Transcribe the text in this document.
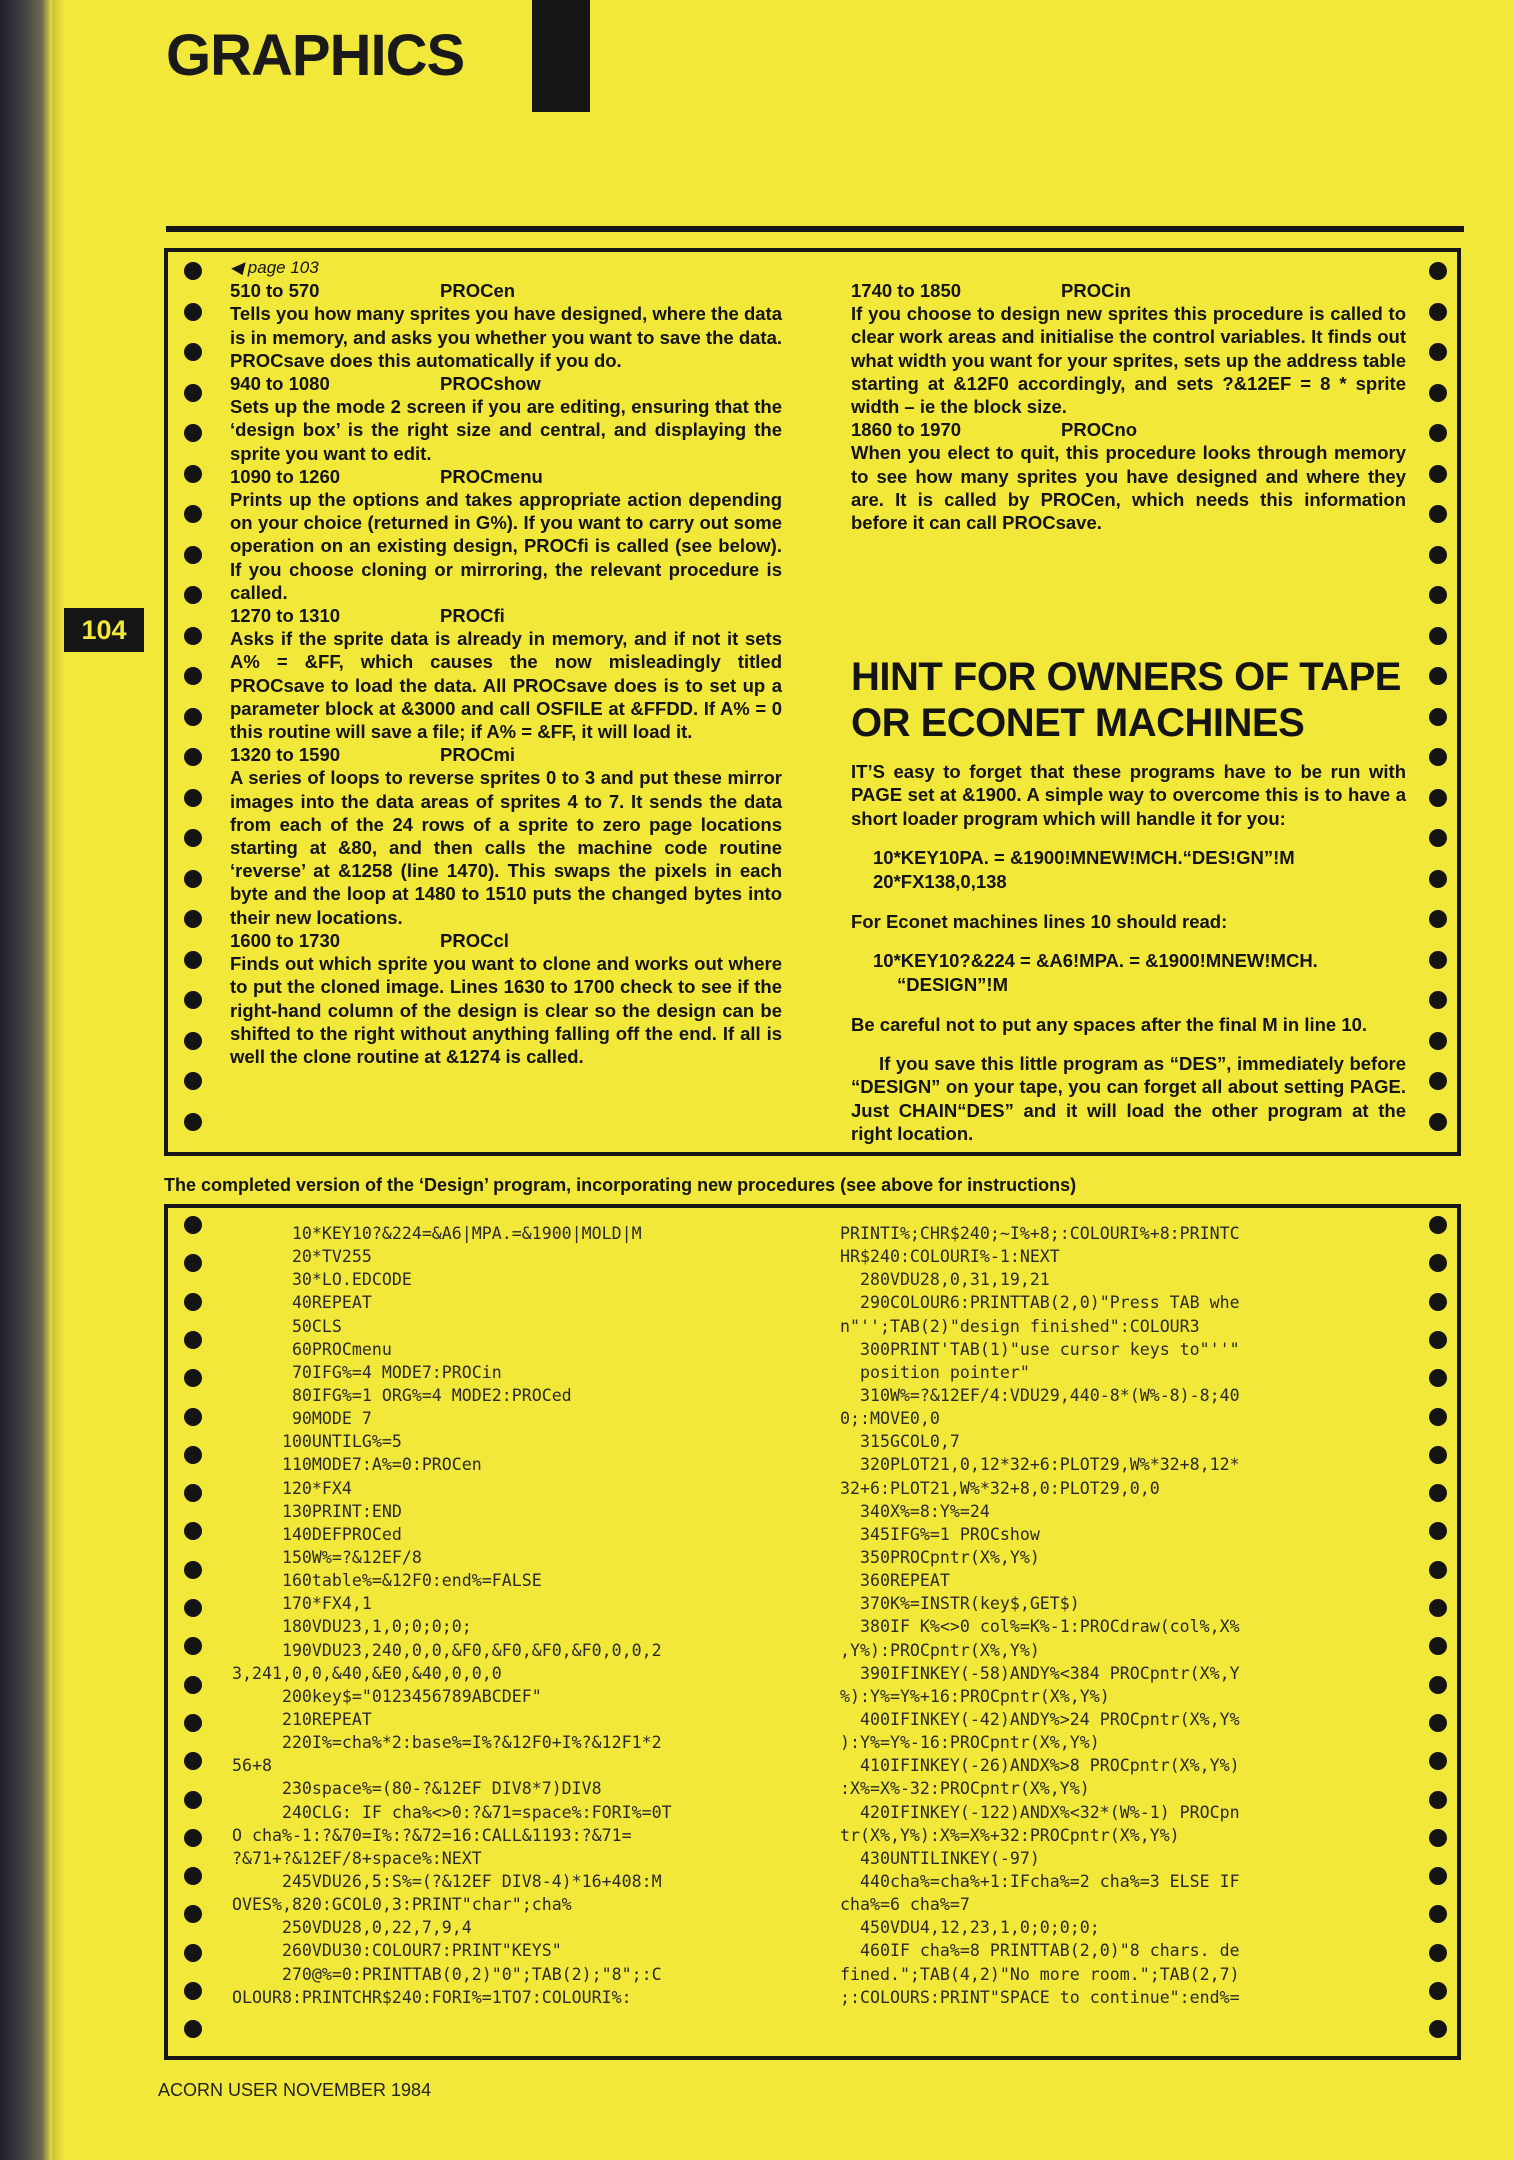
GRAPHICS
104
◀ page 103
510 to 570	PROCen

Tells you how many sprites you have designed, where the data is in memory, and asks you whether you want to save the data. PROCsave does this automatically if you do.

940 to 1080	PROCshow

Sets up the mode 2 screen if you are editing, ensuring that the ‘design box’ is the right size and central, and displaying the sprite you want to edit.

1090 to 1260	PROCmenu

Prints up the options and takes appropriate action depending on your choice (returned in G%). If you want to carry out some operation on an existing design, PROCfi is called (see below). If you choose cloning or mirroring, the relevant procedure is called.

1270 to 1310	PROCfi

Asks if the sprite data is already in memory, and if not it sets A% = &FF, which causes the now misleadingly titled PROCsave to load the data. All PROCsave does is to set up a parameter block at &3000 and call OSFILE at &FFDD. If A% = 0 this routine will save a file; if A% = &FF, it will load it.

1320 to 1590	PROCmi

A series of loops to reverse sprites 0 to 3 and put these mirror images into the data areas of sprites 4 to 7. It sends the data from each of the 24 rows of a sprite to zero page locations starting at &80, and then calls the machine code routine ‘reverse’ at &1258 (line 1470). This swaps the pixels in each byte and the loop at 1480 to 1510 puts the changed bytes into their new locations.

1600 to 1730	PROCcl

Finds out which sprite you want to clone and works out where to put the cloned image. Lines 1630 to 1700 check to see if the right-hand column of the design is clear so the design can be shifted to the right without anything falling off the end. If all is well the clone routine at &1274 is called.

1740 to 1850	PROCin

If you choose to design new sprites this procedure is called to clear work areas and initialise the control variables. It finds out what width you want for your sprites, sets up the address table starting at &12F0 accordingly, and sets ?&12EF = 8 * sprite width – ie the block size.

1860 to 1970	PROCno

When you elect to quit, this procedure looks through memory to see how many sprites you have designed and where they are. It is called by PROCen, which needs this information before it can call PROCsave.

HINT FOR OWNERS OF TAPE OR ECONET MACHINES

IT’S easy to forget that these programs have to be run with PAGE set at &1900. A simple way to overcome this is to have a short loader program which will handle it for you:

10*KEY10PA. = &1900!MNEW!MCH.“DES!GN”!M
20*FX138,0,138

For Econet machines lines 10 should read:

10*KEY10?&224 = &A6!MPA. = &1900!MNEW!MCH.
“DESIGN”!M

Be careful not to put any spaces after the final M in line 10.

If you save this little program as “DES”, immediately before “DESIGN” on your tape, you can forget all about setting PAGE. Just CHAIN“DES” and it will load the other program at the right location.

The completed version of the ‘Design’ program, incorporating new procedures (see above for instructions)
10*KEY10?&224=&A6|MPA.=&1900|MOLD|M
20*TV255
30*LO.EDCODE
40REPEAT
50CLS
60PROCmenu
70IFG%=4 MODE7:PROCin
80IFG%=1 ORG%=4 MODE2:PROCed
90MODE 7
100UNTILG%=5
110MODE7:A%=0:PROCen
120*FX4
130PRINT:END
140DEFPROCed
150W%=?&12EF/8
160table%=&12F0:end%=FALSE
170*FX4,1
180VDU23,1,0;0;0;0;
190VDU23,240,0,0,&F0,&F0,&F0,&F0,0,0,2
3,241,0,0,&40,&E0,&40,0,0,0
200key$="0123456789ABCDEF"
210REPEAT
220I%=cha%*2:base%=I%?&12F0+I%?&12F1*2
56+8
230space%=(80-?&12EF DIV8*7)DIV8
240CLG: IF cha%<>0:?&71=space%:FORI%=0T
O cha%-1:?&70=I%:?&72=16:CALL&1193:?&71=
?&71+?&12EF/8+space%:NEXT
245VDU26,5:S%=(?&12EF DIV8-4)*16+408:M
OVES%,820:GCOL0,3:PRINT"char";cha%
250VDU28,0,22,7,9,4
260VDU30:COLOUR7:PRINT"KEYS"
270@%=0:PRINTTAB(0,2)"0";TAB(2);"8";:C
OLOUR8:PRINTCHR$240:FORI%=1TO7:COLOURI%:
PRINTI%;CHR$240;~I%+8;:COLOURI%+8:PRINTC
HR$240:COLOURI%-1:NEXT
280VDU28,0,31,19,21
290COLOUR6:PRINTTAB(2,0)"Press TAB whe
n"'';TAB(2)"design finished":COLOUR3
300PRINT'TAB(1)"use cursor keys to"''"
position pointer"
310W%=?&12EF/4:VDU29,440-8*(W%-8)-8;40
0;:MOVE0,0
315GCOL0,7
320PLOT21,0,12*32+6:PLOT29,W%*32+8,12*
32+6:PLOT21,W%*32+8,0:PLOT29,0,0
340X%=8:Y%=24
345IFG%=1 PROCshow
350PROCpntr(X%,Y%)
360REPEAT
370K%=INSTR(key$,GET$)
380IF K%<>0 col%=K%-1:PROCdraw(col%,X%
,Y%):PROCpntr(X%,Y%)
390IFINKEY(-58)ANDY%<384 PROCpntr(X%,Y
%):Y%=Y%+16:PROCpntr(X%,Y%)
400IFINKEY(-42)ANDY%>24 PROCpntr(X%,Y%
):Y%=Y%-16:PROCpntr(X%,Y%)
410IFINKEY(-26)ANDX%>8 PROCpntr(X%,Y%)
:X%=X%-32:PROCpntr(X%,Y%)
420IFINKEY(-122)ANDX%<32*(W%-1) PROCpn
tr(X%,Y%):X%=X%+32:PROCpntr(X%,Y%)
430UNTILINKEY(-97)
440cha%=cha%+1:IFcha%=2 cha%=3 ELSE IF
cha%=6 cha%=7
450VDU4,12,23,1,0;0;0;0;
460IF cha%=8 PRINTTAB(2,0)"8 chars. de
fined.";TAB(4,2)"No more room.";TAB(2,7)
;:COLOURS:PRINT"SPACE to continue":end%=
ACORN USER NOVEMBER 1984
